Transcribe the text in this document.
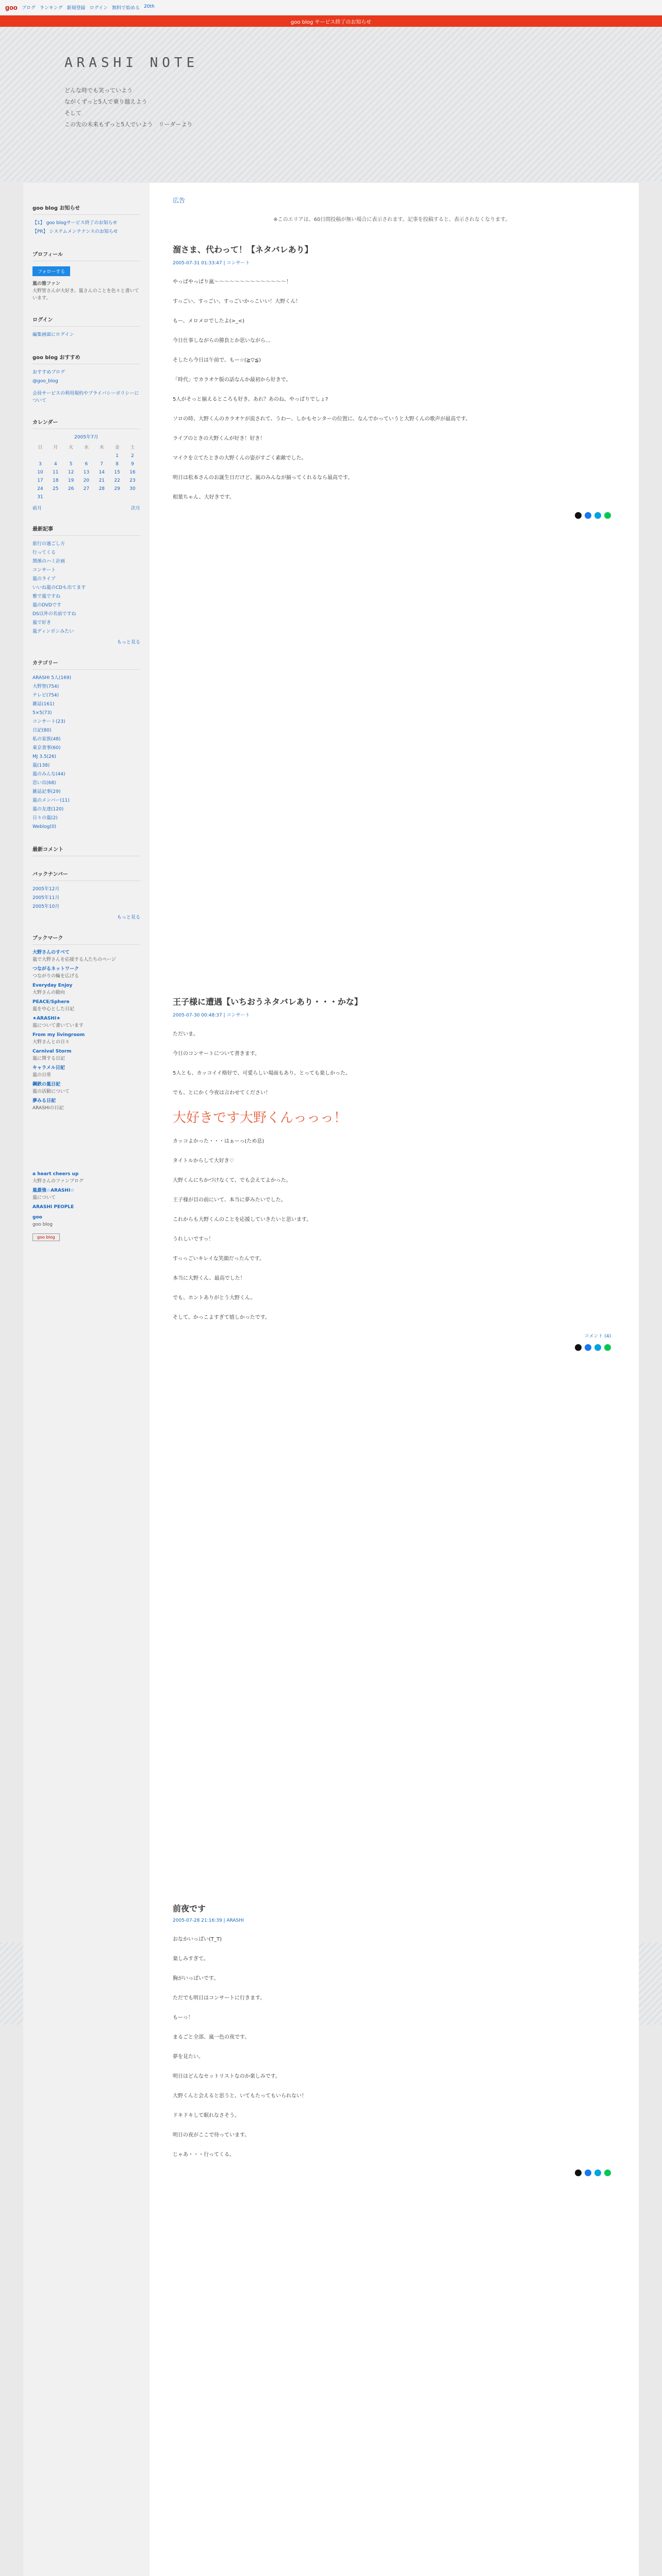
goo ブログ ランキング 新規登録 ログイン 無料で始める 20th
goo blog サービス終了のお知らせ
ARASHI NOTE

どんな時でも笑っていよう

ながくずっと5人で乗り越えよう

そして

この先の未来もずっと5人でいよう　リーダーより

goo blog お知らせ
【1】 goo blogサービス終了のお知らせ
【PR】 システムメンテナンスのお知らせ
プロフィール
フォローする
嵐の雅ファン
大野智さんが大好き。嵐さんのことを色々と書いています。
ログイン
編集画面にログイン
goo blog おすすめ
おすすめブログ
@goo_blog
会員サービスの利用規約やプライバシーポリシーについて
カレンダー
2005年7月
日	月	火	水	木	金	土
					1	2
3	4	5	6	7	8	9
10	11	12	13	14	15	16
17	18	19	20	21	22	23
24	25	26	27	28	29	30
31						
前月	次月
最新記事
旅行の過ごし方
行ってくる
関係のハミ計画
コンサート
嵐のライブ
いいね嵐のCDも出てます
雅で嵐ですね
嵐のDVDです
DS以外の名前ですね
嵐で好き
嵐ディンポンみたい
もっと見る
カテゴリー
ARASHI 5人(169)
大野智(754)
テレビ(754)
雑誌(161)
5×5(73)
コンサート(23)
日記(80)
私の家族(48)
東京食事(60)
MJ 3.5(26)
嵐(138)
嵐のみんな(44)
思い出(68)
雑誌記事(29)
嵐のメンバー(11)
嵐の友達(120)
日々の嵐(2)
Weblog(0)
最新コメント
バックナンバー
2005年12月
2005年11月
2005年10月
もっと見る
ブックマーク
大野さんのすべて
嵐で大野さんを応援する人たちのページ
つながるネットワーク
つながりの輪を広げる
Everyday Enjoy
大野さんの動向
PEACE/Sphere
嵐を中心とした日記
★ARASHI★
嵐について書いています
From my livingroom
大野さんとの日々
Carnival Storm
嵐に関する日記
キャラメル日記
嵐の日常
鋼鉄の嵐日記
嵐の活動について
夢みる日記
ARASHIの日記
a heart cheers up
大野さんのファンブログ
嵐最強☆ARASHI☆
嵐について
ARASHI PEOPLE
goo
goo blog
goo blog
広告
※このエリアは、60日間投稿が無い場合に表示されます。記事を投稿すると、表示されなくなります。
溜さま、代わって！【ネタバレあり】
2005-07-31 01:33:47 | コンサート

やっぱやっぱり嵐〜〜〜〜〜〜〜〜〜〜〜〜〜〜！

すっごい、すっごい、すっごいかっこいい！大野くん！

もー、メロメロでしたよ(>_<)

今日仕事しながらの勝負とか思いながら…

そしたら今日は午前で、もー☆(≧▽≦)

「時代」でカラオケ版の話なんか最初から好きで。

5人がそっと揃えるところも好き。あれ？あのね、やっぱりでしょ?

ソロの時、大野くんのカラオケが流されて、うわー、しかもセンターの位置に、なんでかっていうと大野くんの歌声が最高です。

ライブのときの大野くんが好き！好き！

マイクを立てたときの大野くんの姿がすごく素敵でした。

明日は松本さんのお誕生日だけど、嵐のみんなが揃ってくれるなら最高です。

相葉ちゃん、大好きです。

王子様に遭遇【いちおうネタバレあり・・・かな】
2005-07-30 00:48:37 | コンサート

ただいま。

今日のコンサートについて書きます。

5人とも、カッコイイ格好で、可愛らしい場面もあり、とっても楽しかった。

でも、とにかく今夜は言わせてください！

大好きです大野くんっっっ！

カッコよかった・・・はぁーっ(ため息)

タイトルからして大好き♡

大野くんにちかづけなくて、でも会えてよかった。

王子様が目の前にいて、本当に夢みたいでした。

これからも大野くんのことを応援していきたいと思います。

うれしいですっ！

すっっごいキレイな笑顔だったんです。

本当に大野くん、最高でした！

でも、ホントありがとう大野くん。

そして、かっこよすぎて嬉しかったです。

コメント (4)
前夜です
2005-07-28 21:16:39 | ARASHI

おなかいっぱい(T_T)

楽しみすぎて。

胸がいっぱいです。

ただでも明日はコンサートに行きます。

もーっ！

まるごと全部、嵐一色の夜です。

夢を見たい。

明日はどんなセットリストなのか楽しみです。

大野くんと会えると思うと、いてもたってもいられない！

ドキドキして眠れなさそう。

明日の夜がここで待っています。

じゃあ・・・行ってくる。
